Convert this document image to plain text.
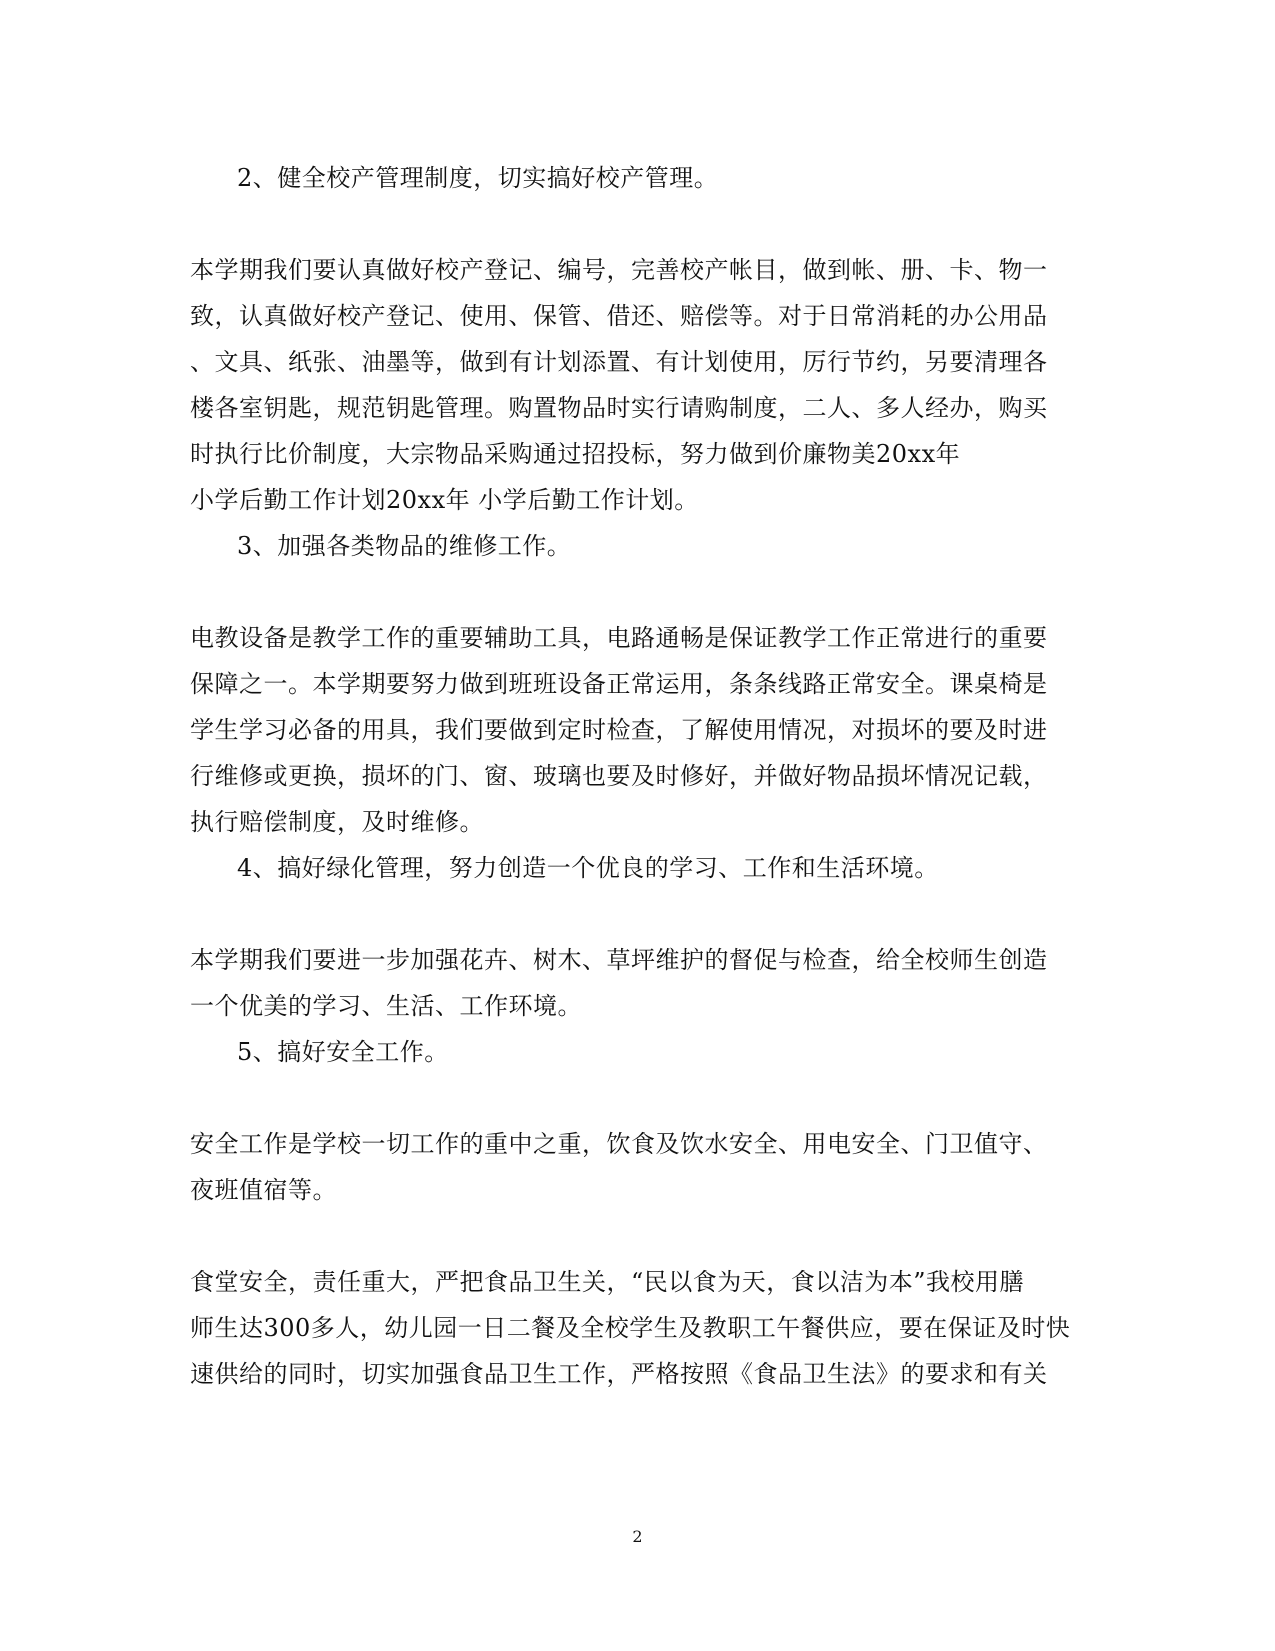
2、健全校产管理制度，切实搞好校产管理。
本学期我们要认真做好校产登记、编号，完善校产帐目，做到帐、册、卡、物一
致，认真做好校产登记、使用、保管、借还、赔偿等。对于日常消耗的办公用品
、文具、纸张、油墨等，做到有计划添置、有计划使用，厉行节约，另要清理各
楼各室钥匙，规范钥匙管理。购置物品时实行请购制度，二人、多人经办，购买
时执行比价制度，大宗物品采购通过招投标，努力做到价廉物美20xx年
小学后勤工作计划20xx年 小学后勤工作计划。
3、加强各类物品的维修工作。
电教设备是教学工作的重要辅助工具，电路通畅是保证教学工作正常进行的重要
保障之一。本学期要努力做到班班设备正常运用，条条线路正常安全。课桌椅是
学生学习必备的用具，我们要做到定时检查，了解使用情况，对损坏的要及时进
行维修或更换，损坏的门、窗、玻璃也要及时修好，并做好物品损坏情况记载，
执行赔偿制度，及时维修。
4、搞好绿化管理，努力创造一个优良的学习、工作和生活环境。
本学期我们要进一步加强花卉、树木、草坪维护的督促与检查，给全校师生创造
一个优美的学习、生活、工作环境。
5、搞好安全工作。
安全工作是学校一切工作的重中之重，饮食及饮水安全、用电安全、门卫值守、
夜班值宿等。
食堂安全，责任重大，严把食品卫生关，“民以食为天，食以洁为本”我校用膳
师生达300多人，幼儿园一日二餐及全校学生及教职工午餐供应，要在保证及时快
速供给的同时，切实加强食品卫生工作，严格按照《食品卫生法》的要求和有关
2
